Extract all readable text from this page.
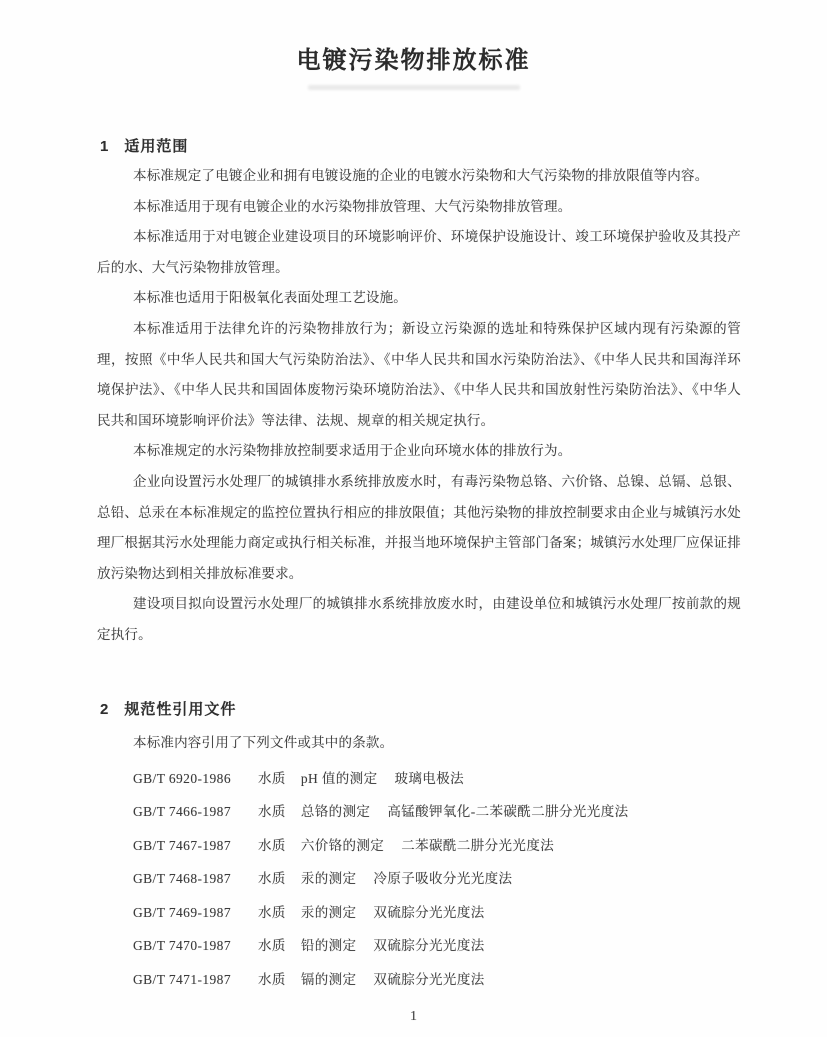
电镀污染物排放标准
1 适用范围

本标准规定了电镀企业和拥有电镀设施的企业的电镀水污染物和大气污染物的排放限值等内容。

本标准适用于现有电镀企业的水污染物排放管理、大气污染物排放管理。

本标准适用于对电镀企业建设项目的环境影响评价、环境保护设施设计、竣工环境保护验收及其投产后的水、大气污染物排放管理。

本标准也适用于阳极氧化表面处理工艺设施。

本标准适用于法律允许的污染物排放行为；新设立污染源的选址和特殊保护区域内现有污染源的管理，按照《中华人民共和国大气污染防治法》、《中华人民共和国水污染防治法》、《中华人民共和国海洋环境保护法》、《中华人民共和国固体废物污染环境防治法》、《中华人民共和国放射性污染防治法》、《中华人民共和国环境影响评价法》等法律、法规、规章的相关规定执行。

本标准规定的水污染物排放控制要求适用于企业向环境水体的排放行为。

企业向设置污水处理厂的城镇排水系统排放废水时，有毒污染物总铬、六价铬、总镍、总镉、总银、总铅、总汞在本标准规定的监控位置执行相应的排放限值；其他污染物的排放控制要求由企业与城镇污水处理厂根据其污水处理能力商定或执行相关标准，并报当地环境保护主管部门备案；城镇污水处理厂应保证排放污染物达到相关排放标准要求。

建设项目拟向设置污水处理厂的城镇排水系统排放废水时，由建设单位和城镇污水处理厂按前款的规定执行。

2 规范性引用文件

本标准内容引用了下列文件或其中的条款。

GB/T 6920-1986	水质 pH 值的测定 玻璃电极法
GB/T 7466-1987	水质 总铬的测定 高锰酸钾氧化-二苯碳酰二肼分光光度法
GB/T 7467-1987	水质 六价铬的测定 二苯碳酰二肼分光光度法
GB/T 7468-1987	水质 汞的测定 冷原子吸收分光光度法
GB/T 7469-1987	水质 汞的测定 双硫腙分光光度法
GB/T 7470-1987	水质 铅的测定 双硫腙分光光度法
GB/T 7471-1987	水质 镉的测定 双硫腙分光光度法
1
